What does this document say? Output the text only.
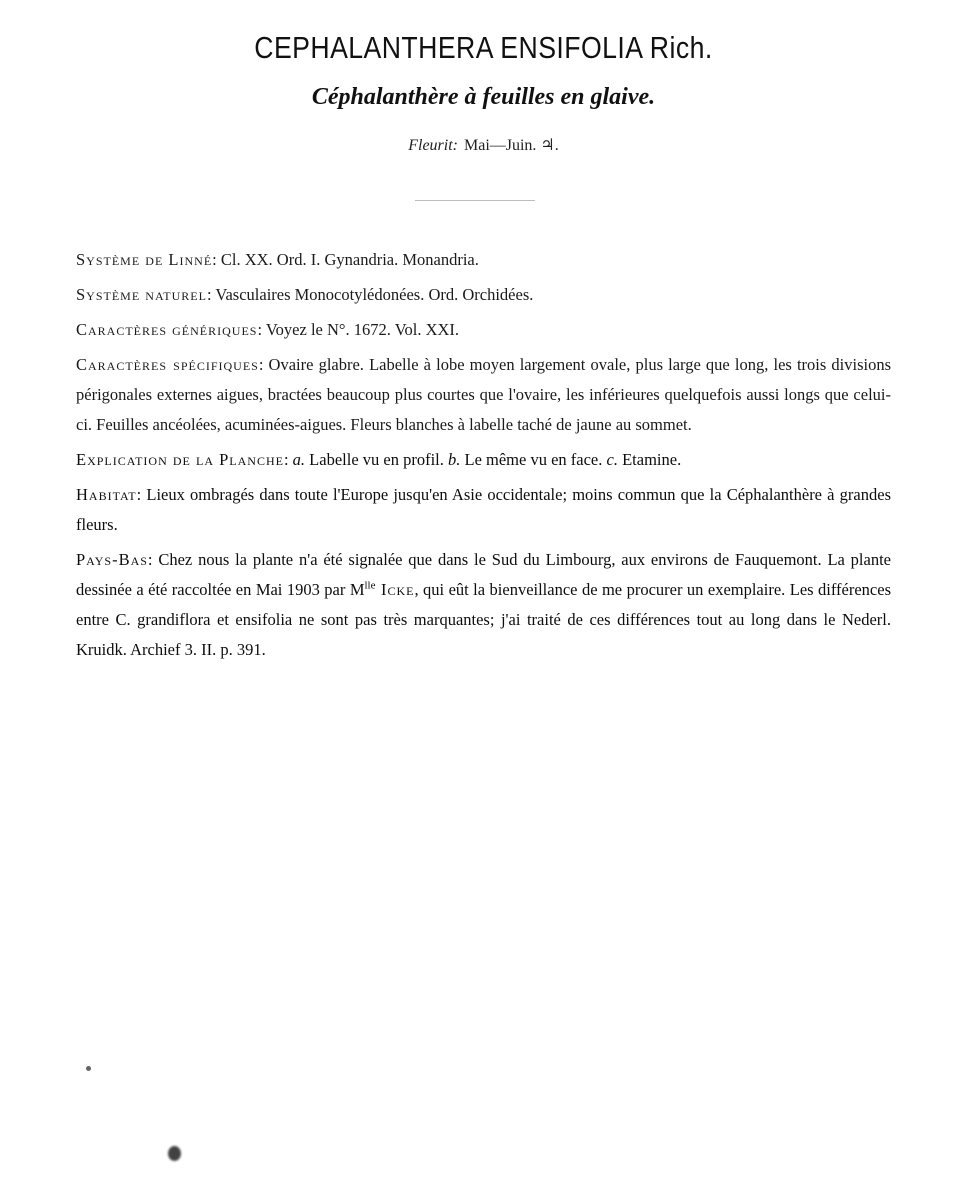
CEPHALANTHERA ENSIFOLIA Rich.
Céphalanthère à feuilles en glaive.
Fleurit: Mai—Juin. ♃.

Système de Linné: Cl. XX. Ord. I. Gynandria. Monandria.

Système naturel: Vasculaires Monocotylédonées. Ord. Orchidées.

Caractères génériques: Voyez le N°. 1672. Vol. XXI.

Caractères spécifiques: Ovaire glabre. Labelle à lobe moyen largement ovale, plus large que long, les trois divisions périgonales externes aigues, bractées beaucoup plus courtes que l'ovaire, les inférieures quelquefois aussi longs que celui-ci. Feuilles ancéolées, acuminées-aigues. Fleurs blanches à labelle taché de jaune au sommet.

Explication de la Planche: a. Labelle vu en profil. b. Le même vu en face. c. Etamine.

Habitat: Lieux ombragés dans toute l'Europe jusqu'en Asie occidentale; moins commun que la Céphalanthère à grandes fleurs.

Pays-Bas: Chez nous la plante n'a été signalée que dans le Sud du Limbourg, aux environs de Fauquemont. La plante dessinée a été raccoltée en Mai 1903 par $M^{lle}$ Icke, qui eût la bienveillance de me procurer un exemplaire. Les différences entre C. grandiflora et ensifolia ne sont pas très marquantes; j'ai traité de ces différences tout au long dans le Nederl. Kruidk. Archief 3. II. p. 391.
